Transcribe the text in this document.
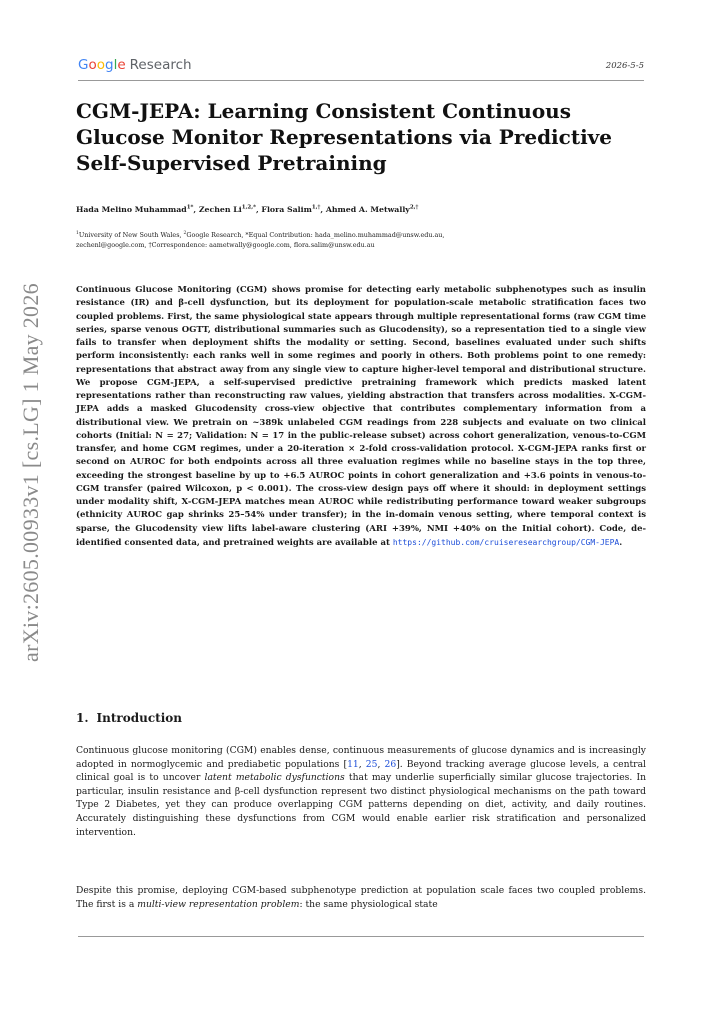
Google Research	2026-5-5
CGM-JEPA: Learning Consistent Continuous Glucose Monitor Representations via Predictive Self-Supervised Pretraining
Hada Melino Muhammad$^{1*}$, Zechen $Li^{1,2,*}$, Flora Salim$^{1,\dagger}$, Ahmed A. Metwally$^{2,\dagger}$
$^1$University of New South Wales, $^2$Google Research, *Equal Contribution: hada_melino.muhammad@unsw.edu.au,
zechenl@google.com, †Correspondence: aametwally@google.com, flora.salim@unsw.edu.au

Continuous Glucose Monitoring (CGM) shows promise for detecting early metabolic subphenotypes such as insulin resistance (IR) and β-cell dysfunction, but its deployment for population-scale metabolic stratification faces two coupled problems. First, the same physiological state appears through multiple representational forms (raw CGM time series, sparse venous OGTT, distributional summaries such as Glucodensity), so a representation tied to a single view fails to transfer when deployment shifts the modality or setting. Second, baselines evaluated under such shifts perform inconsistently: each ranks well in some regimes and poorly in others. Both problems point to one remedy: representations that abstract away from any single view to capture higher-level temporal and distributional structure. We propose CGM-JEPA, a self-supervised predictive pretraining framework which predicts masked latent representations rather than reconstructing raw values, yielding abstraction that transfers across modalities. X-CGM-JEPA adds a masked Glucodensity cross-view objective that contributes complementary information from a distributional view. We pretrain on ~389k unlabeled CGM readings from 228 subjects and evaluate on two clinical cohorts (Initial: N = 27; Validation: N = 17 in the public-release subset) across cohort generalization, venous-to-CGM transfer, and home CGM regimes, under a 20-iteration × 2-fold cross-validation protocol. X-CGM-JEPA ranks first or second on AUROC for both endpoints across all three evaluation regimes while no baseline stays in the top three, exceeding the strongest baseline by up to +6.5 AUROC points in cohort generalization and +3.6 points in venous-to-CGM transfer (paired Wilcoxon, p < 0.001). The cross-view design pays off where it should: in deployment settings under modality shift, X-CGM-JEPA matches mean AUROC while redistributing performance toward weaker subgroups (ethnicity AUROC gap shrinks 25–54% under transfer); in the in-domain venous setting, where temporal context is sparse, the Glucodensity view lifts label-aware clustering (ARI +39%, NMI +40% on the Initial cohort). Code, de-identified consented data, and pretrained weights are available at https://github.com/cruiseresearchgroup/CGM-JEPA.

1. Introduction

Continuous glucose monitoring (CGM) enables dense, continuous measurements of glucose dynamics and is increasingly adopted in normoglycemic and prediabetic populations [11, 25, 26]. Beyond tracking average glucose levels, a central clinical goal is to uncover latent metabolic dysfunctions that may underlie superficially similar glucose trajectories. In particular, insulin resistance and β-cell dysfunction represent two distinct physiological mechanisms on the path toward Type 2 Diabetes, yet they can produce overlapping CGM patterns depending on diet, activity, and daily routines. Accurately distinguishing these dysfunctions from CGM would enable earlier risk stratification and personalized intervention.

Despite this promise, deploying CGM-based subphenotype prediction at population scale faces two coupled problems. The first is a multi-view representation problem: the same physiological state

arXiv:2605.00933v1 [cs.LG] 1 May 2026
